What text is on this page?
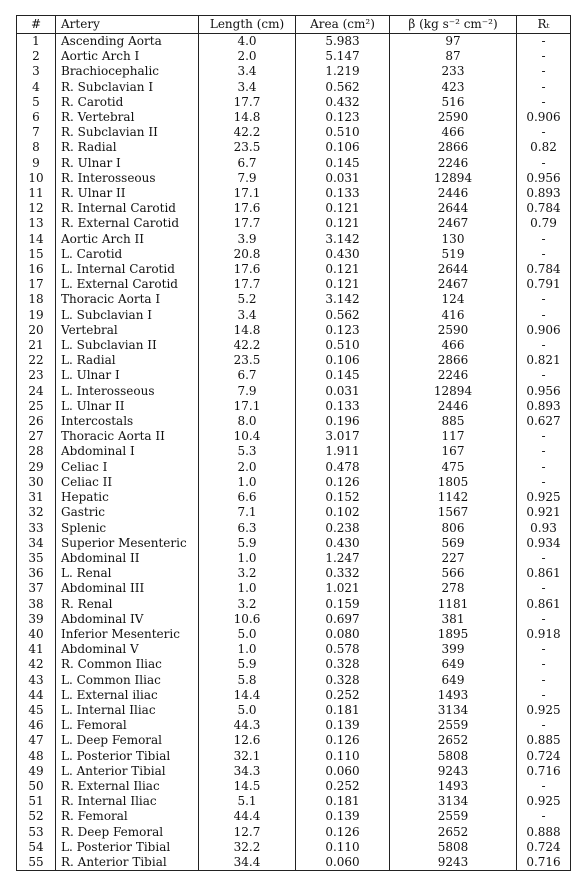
#	Artery	Length (cm)	Area (cm²)	β (kg s⁻² cm⁻²)	Rₜ
1	Ascending Aorta	4.0	5.983	97	-
2	Aortic Arch I	2.0	5.147	87	-
3	Brachiocephalic	3.4	1.219	233	-
4	R. Subclavian I	3.4	0.562	423	-
5	R. Carotid	17.7	0.432	516	-
6	R. Vertebral	14.8	0.123	2590	0.906
7	R. Subclavian II	42.2	0.510	466	-
8	R. Radial	23.5	0.106	2866	0.82
9	R. Ulnar I	6.7	0.145	2246	-
10	R. Interosseous	7.9	0.031	12894	0.956
11	R. Ulnar II	17.1	0.133	2446	0.893
12	R. Internal Carotid	17.6	0.121	2644	0.784
13	R. External Carotid	17.7	0.121	2467	0.79
14	Aortic Arch II	3.9	3.142	130	-
15	L. Carotid	20.8	0.430	519	-
16	L. Internal Carotid	17.6	0.121	2644	0.784
17	L. External Carotid	17.7	0.121	2467	0.791
18	Thoracic Aorta I	5.2	3.142	124	-
19	L. Subclavian I	3.4	0.562	416	-
20	Vertebral	14.8	0.123	2590	0.906
21	L. Subclavian II	42.2	0.510	466	-
22	L. Radial	23.5	0.106	2866	0.821
23	L. Ulnar I	6.7	0.145	2246	-
24	L. Interosseous	7.9	0.031	12894	0.956
25	L. Ulnar II	17.1	0.133	2446	0.893
26	Intercostals	8.0	0.196	885	0.627
27	Thoracic Aorta II	10.4	3.017	117	-
28	Abdominal I	5.3	1.911	167	-
29	Celiac I	2.0	0.478	475	-
30	Celiac II	1.0	0.126	1805	-
31	Hepatic	6.6	0.152	1142	0.925
32	Gastric	7.1	0.102	1567	0.921
33	Splenic	6.3	0.238	806	0.93
34	Superior Mesenteric	5.9	0.430	569	0.934
35	Abdominal II	1.0	1.247	227	-
36	L. Renal	3.2	0.332	566	0.861
37	Abdominal III	1.0	1.021	278	-
38	R. Renal	3.2	0.159	1181	0.861
39	Abdominal IV	10.6	0.697	381	-
40	Inferior Mesenteric	5.0	0.080	1895	0.918
41	Abdominal V	1.0	0.578	399	-
42	R. Common Iliac	5.9	0.328	649	-
43	L. Common Iliac	5.8	0.328	649	-
44	L. External iliac	14.4	0.252	1493	-
45	L. Internal Iliac	5.0	0.181	3134	0.925
46	L. Femoral	44.3	0.139	2559	-
47	L. Deep Femoral	12.6	0.126	2652	0.885
48	L. Posterior Tibial	32.1	0.110	5808	0.724
49	L. Anterior Tibial	34.3	0.060	9243	0.716
50	R. External Iliac	14.5	0.252	1493	-
51	R. Internal Iliac	5.1	0.181	3134	0.925
52	R. Femoral	44.4	0.139	2559	-
53	R. Deep Femoral	12.7	0.126	2652	0.888
54	L. Posterior Tibial	32.2	0.110	5808	0.724
55	R. Anterior Tibial	34.4	0.060	9243	0.716
